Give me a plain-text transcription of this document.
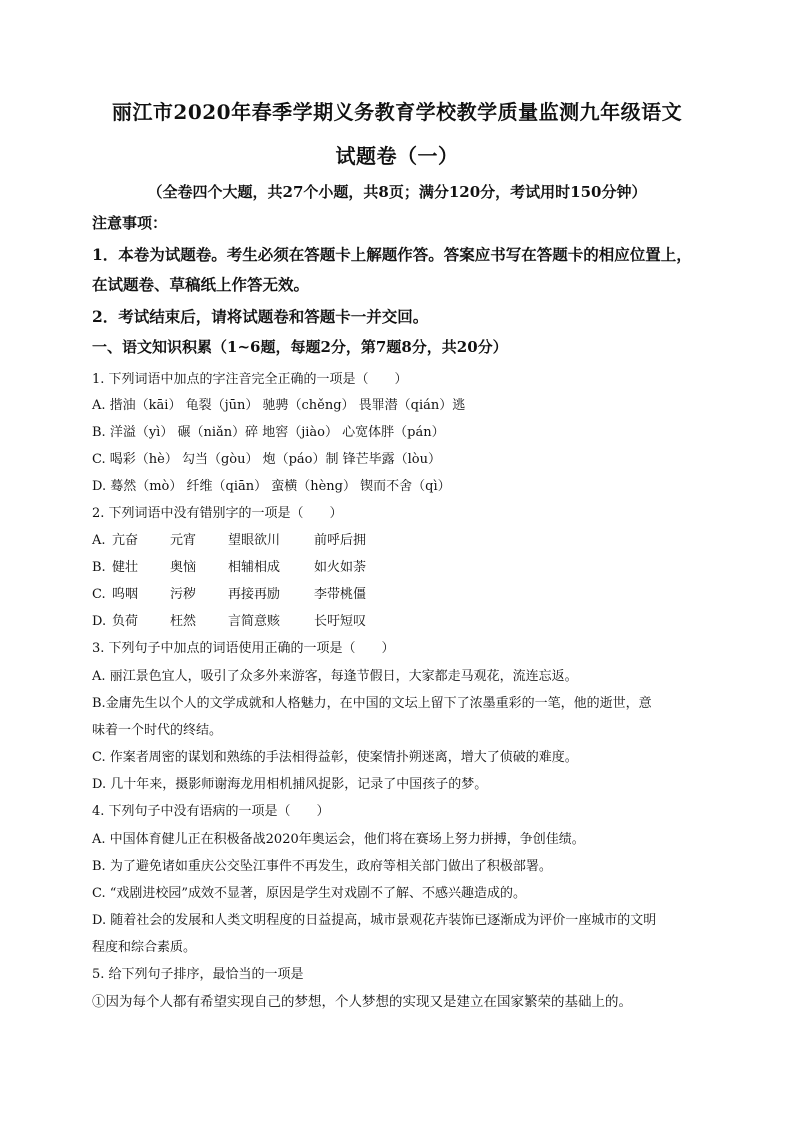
丽江市2020年春季学期义务教育学校教学质量监测九年级语文
试题卷（一）
（全卷四个大题，共27个小题，共8页；满分120分，考试用时150分钟）
注意事项：
1．本卷为试题卷。考生必须在答题卡上解题作答。答案应书写在答题卡的相应位置上，
在试题卷、草稿纸上作答无效。
2．考试结束后，请将试题卷和答题卡一并交回。
一、语文知识积累（1~6题，每题2分，第7题8分，共20分）
1. 下列词语中加点的字注音完全正确的一项是（　　）
A. 揩油（kāi） 龟裂（jūn） 驰骋（chěng） 畏罪潜（qián）逃
B. 洋溢（yì） 碾（niǎn）碎 地窖（jiào） 心宽体胖（pán）
C. 喝彩（hè） 勾当（gòu） 炮（páo）制 锋芒毕露（lòu）
D. 蓦然（mò） 纤维（qiān） 蛮横（hèng） 锲而不舍（qì）
2. 下列词语中没有错别字的一项是（　　）
A. 亢奋 元宵 望眼欲川	前呼后拥
B. 健壮 奥恼 相辅相成	如火如荼
C. 呜咽 污秽 再接再励	李带桃僵
D. 负荷 枉然 言简意赅	长吁短叹
3. 下列句子中加点的词语使用正确的一项是（　　）
A. 丽江景色宜人，吸引了众多外来游客，每逢节假日，大家都走马观花，流连忘返。
B.金庸先生以个人的文学成就和人格魅力，在中国的文坛上留下了浓墨重彩的一笔，他的逝世，意
味着一个时代的终结。
C. 作案者周密的谋划和熟练的手法相得益彰，使案情扑朔迷离，增大了侦破的难度。
D. 几十年来，摄影师谢海龙用相机捕风捉影，记录了中国孩子的梦。
4. 下列句子中没有语病的一项是（　　）
A. 中国体育健儿正在积极备战2020年奥运会，他们将在赛场上努力拼搏，争创佳绩。
B. 为了避免诸如重庆公交坠江事件不再发生，政府等相关部门做出了积极部署。
C. “戏剧进校园”成效不显著，原因是学生对戏剧不了解、不感兴趣造成的。
D. 随着社会的发展和人类文明程度的日益提高，城市景观花卉装饰已逐渐成为评价一座城市的文明
程度和综合素质。
5. 给下列句子排序，最恰当的一项是
①因为每个人都有希望实现自己的梦想，个人梦想的实现又是建立在国家繁荣的基础上的。
